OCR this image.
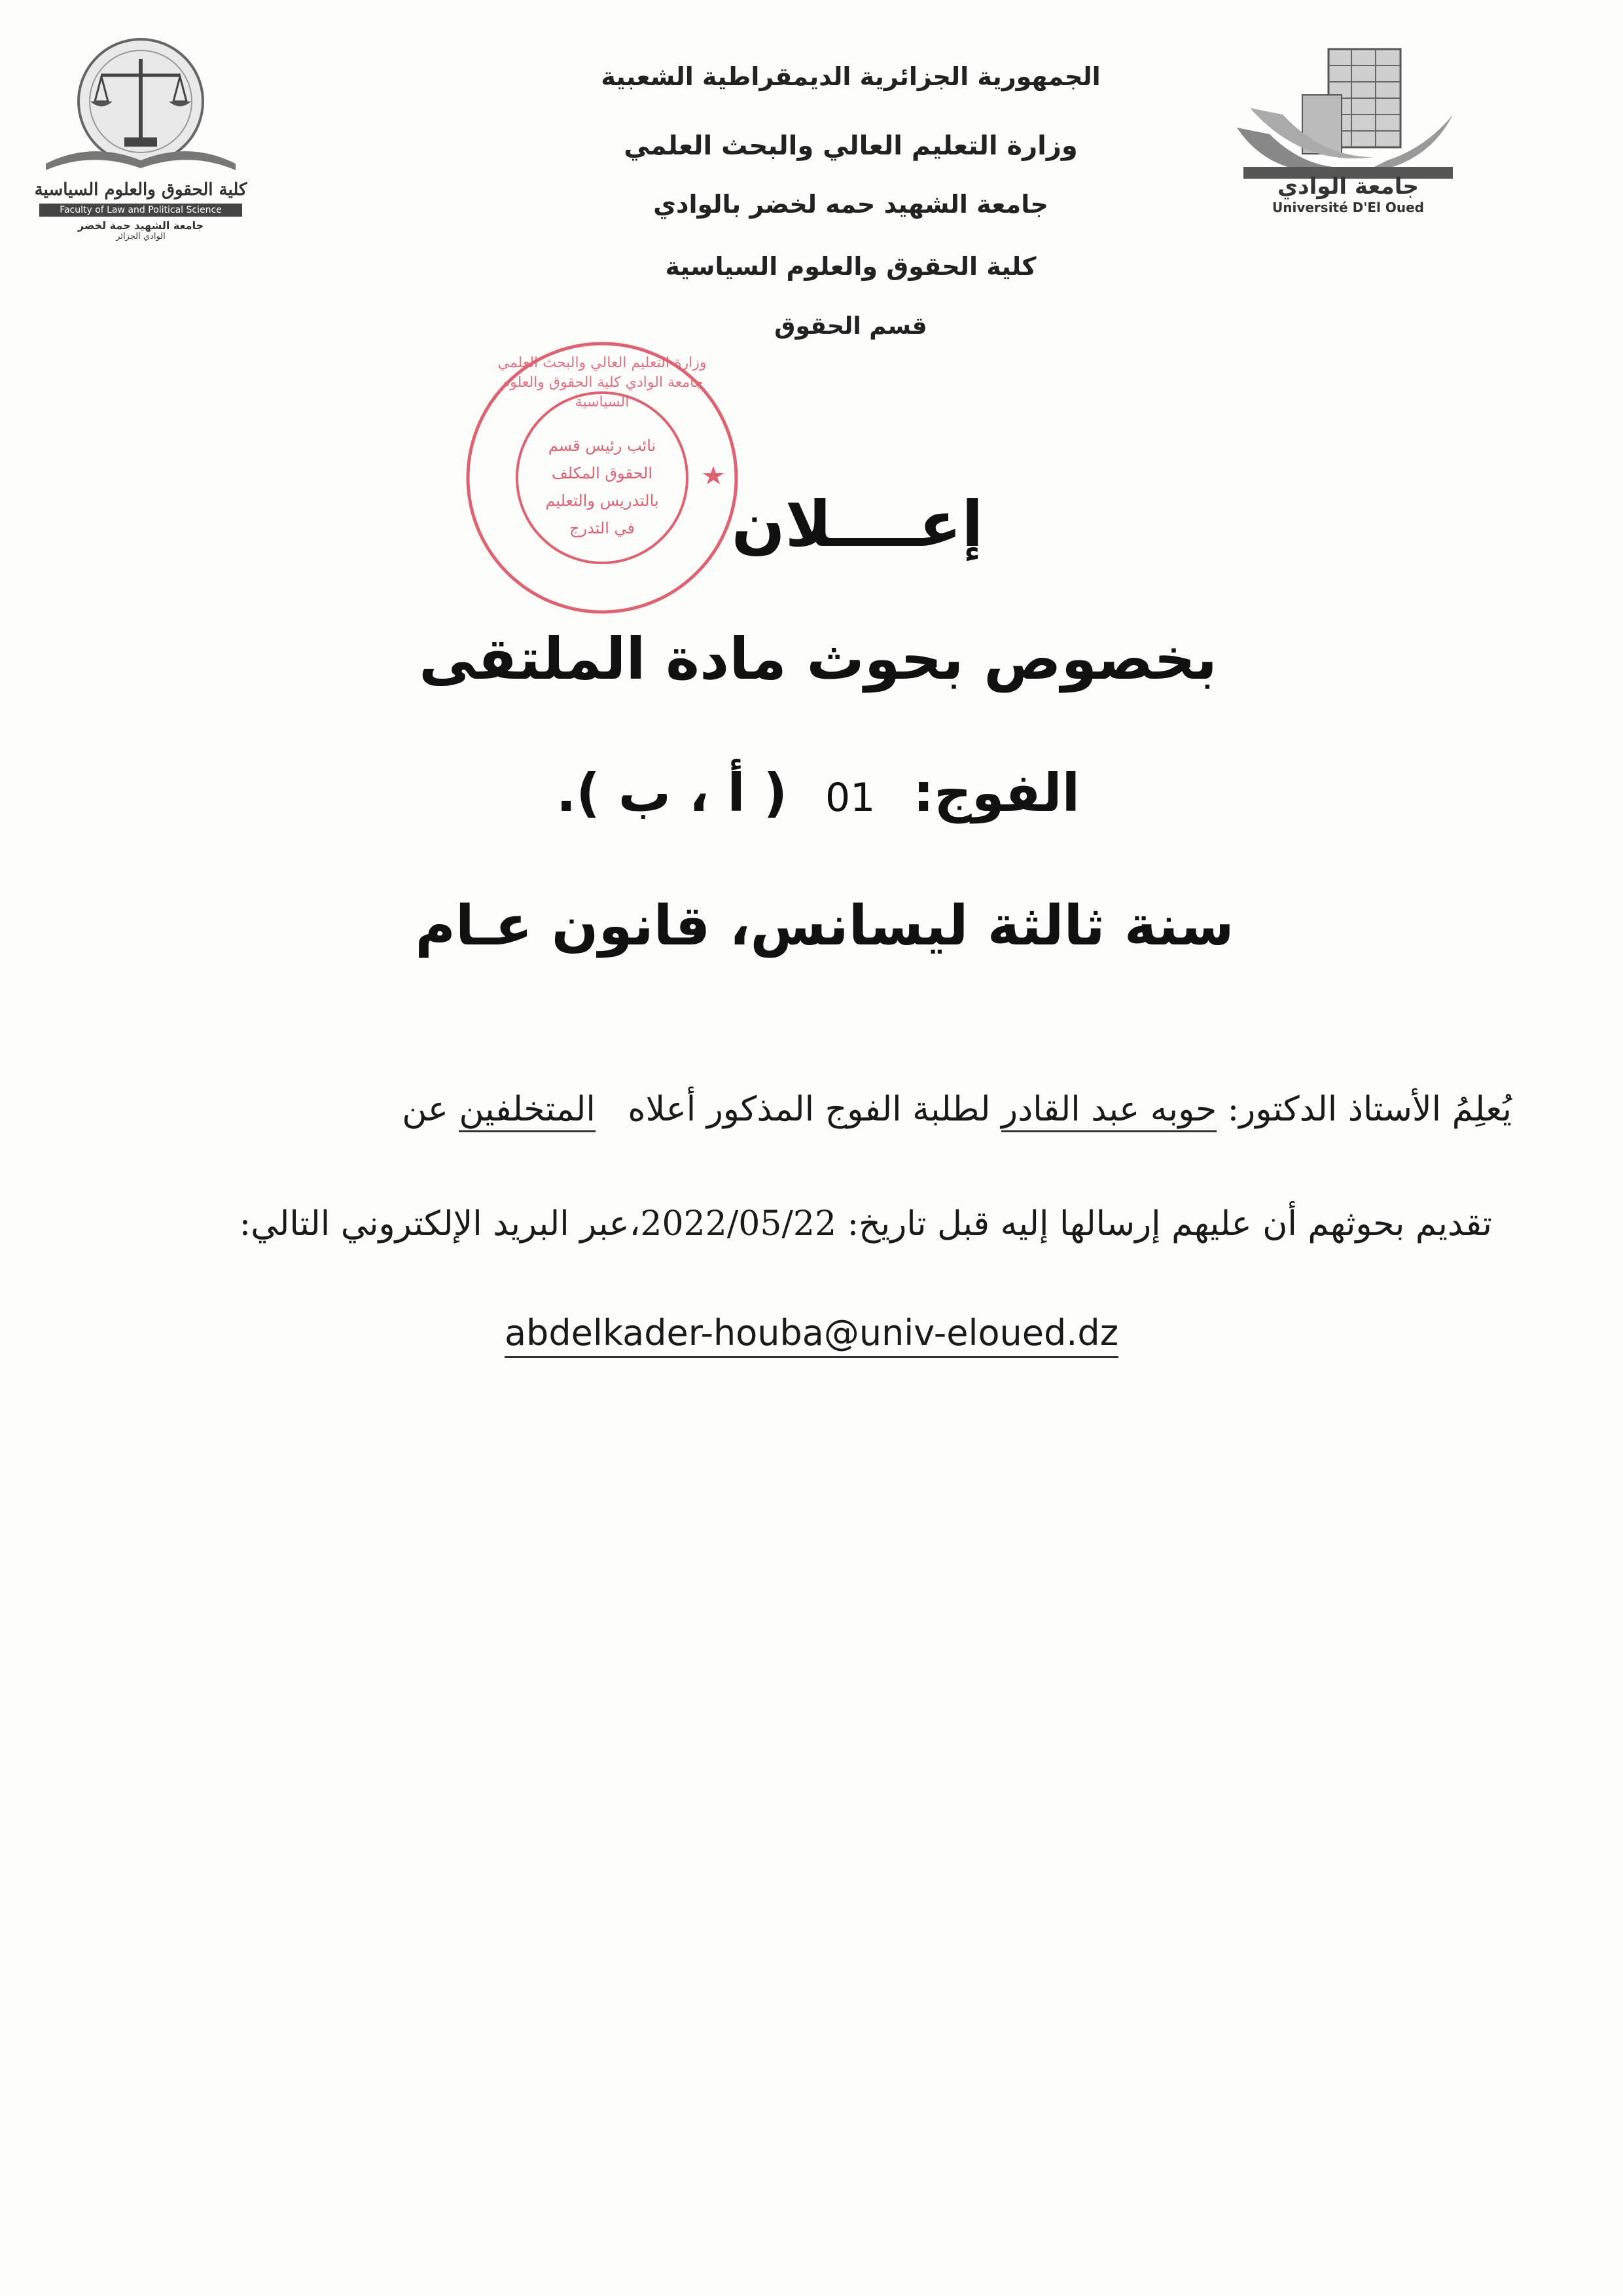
جامعة الوادي
Université D'El Oued
كلية الحقوق والعلوم السياسية
Faculty of Law and Political Science
جامعة الشهيد حمة لخضر
الوادي الجزائر
الجمهورية الجزائرية الديمقراطية الشعبية
وزارة التعليم العالي والبحث العلمي
جامعة الشهيد حمه لخضر بالوادي
كلية الحقوق والعلوم السياسية
قسم الحقوق
وزارة التعليم العالي والبحث العلمي جامعة الوادي كلية الحقوق والعلوم السياسية
نائب رئيس قسم
الحقوق المكلف
بالتدريس والتعليم
في التدرج	إعــــلان
بخصوص بحوث مادة الملتقى
الفوج: 01 ( أ ، ب ).
سنة ثالثة ليسانس، قانون عـام
يُعلِمُ الأستاذ الدكتور: حوبه عبد القادر لطلبة الفوج المذكور أعلاه   المتخلفين عن
تقديم بحوثهم أن عليهم إرسالها إليه قبل تاريخ: 2022/05/22،عبر البريد الإلكتروني التالي:
abdelkader-houba@univ-eloued.dz
